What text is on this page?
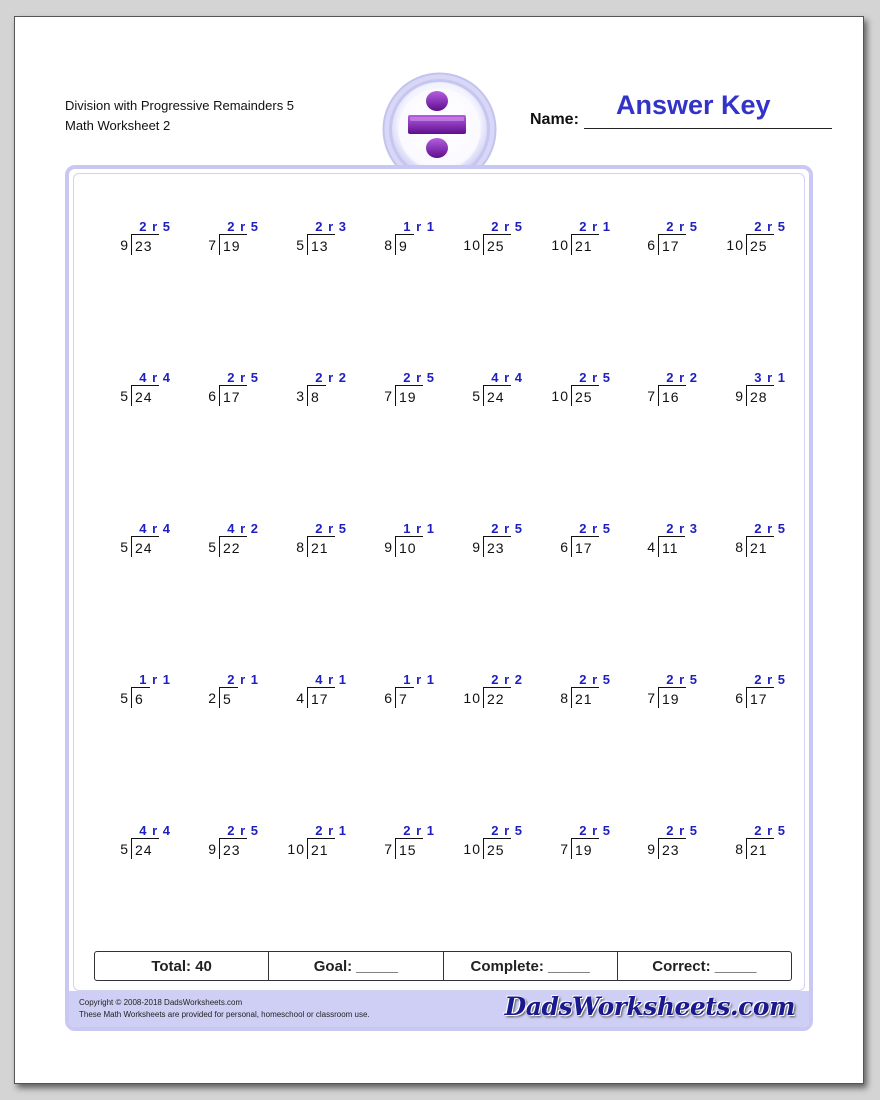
Division with Progressive Remainders 5
Math Worksheet 2	Name: Answer Key
2 r 5
9 23
2 r 5
7 19
2 r 3
5 13
1 r 1
8 9
2 r 5
10 25
2 r 1
10 21
2 r 5
6 17
2 r 5
10 25
4 r 4
5 24
2 r 5
6 17
2 r 2
3 8
2 r 5
7 19
4 r 4
5 24
2 r 5
10 25
2 r 2
7 16
3 r 1
9 28
4 r 4
5 24
4 r 2
5 22
2 r 5
8 21
1 r 1
9 10
2 r 5
9 23
2 r 5
6 17
2 r 3
4 11
2 r 5
8 21
1 r 1
5 6
2 r 1
2 5
4 r 1
4 17
1 r 1
6 7
2 r 2
10 22
2 r 5
8 21
2 r 5
7 19
2 r 5
6 17
4 r 4
5 24
2 r 5
9 23
2 r 1
10 21
2 r 1
7 15
2 r 5
10 25
2 r 5
7 19
2 r 5
9 23
2 r 5
8 21
Total: 40	Goal: _____	Complete: _____	Correct: _____
Copyright © 2008-2018 DadsWorksheets.com
These Math Worksheets are provided for personal, homeschool or classroom use.	DadsWorksheets.com
